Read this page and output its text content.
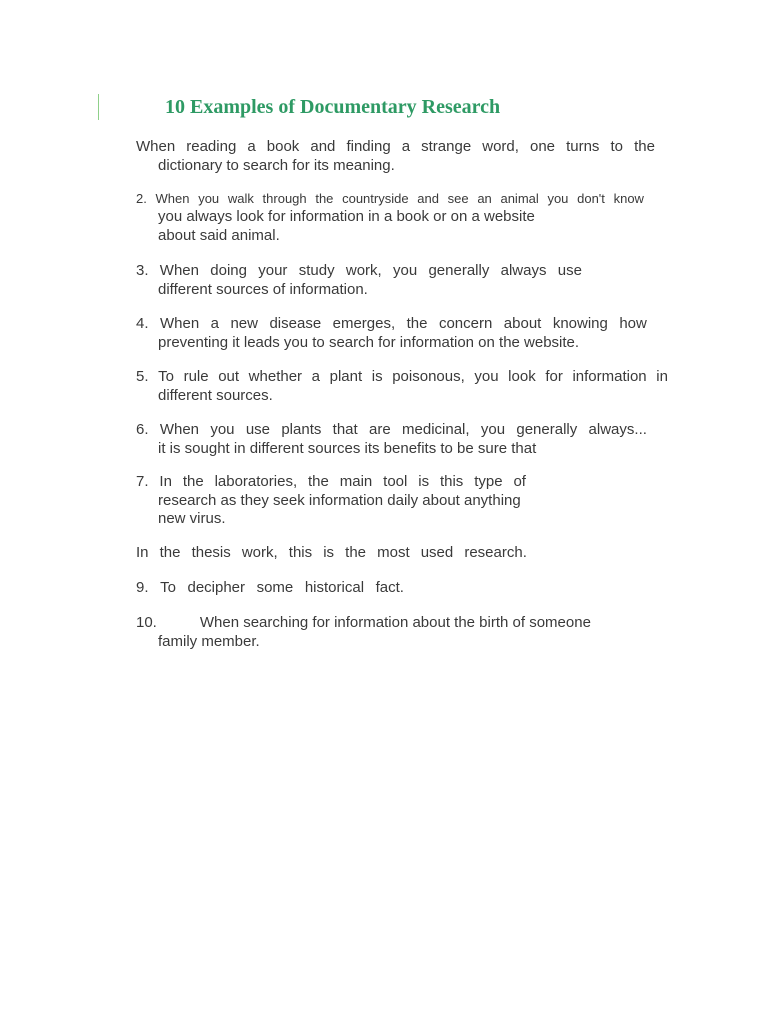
10 Examples of Documentary Research
When reading a book and finding a strange word, one turns to the
dictionary to search for its meaning.
2. When you walk through the countryside and see an animal you don't know
you always look for information in a book or on a website
about said animal.
3. When doing your study work, you generally always use
different sources of information.
4. When a new disease emerges, the concern about knowing how
preventing it leads you to search for information on the website.
5. To rule out whether a plant is poisonous, you look for information in
different sources.
6. When you use plants that are medicinal, you generally always...
it is sought in different sources its benefits to be sure that
7. In the laboratories, the main tool is this type of
research as they seek information daily about anything
new virus.
In the thesis work, this is the most used research.
9. To decipher some historical fact.
10.	When searching for information about the birth of someone
family member.
